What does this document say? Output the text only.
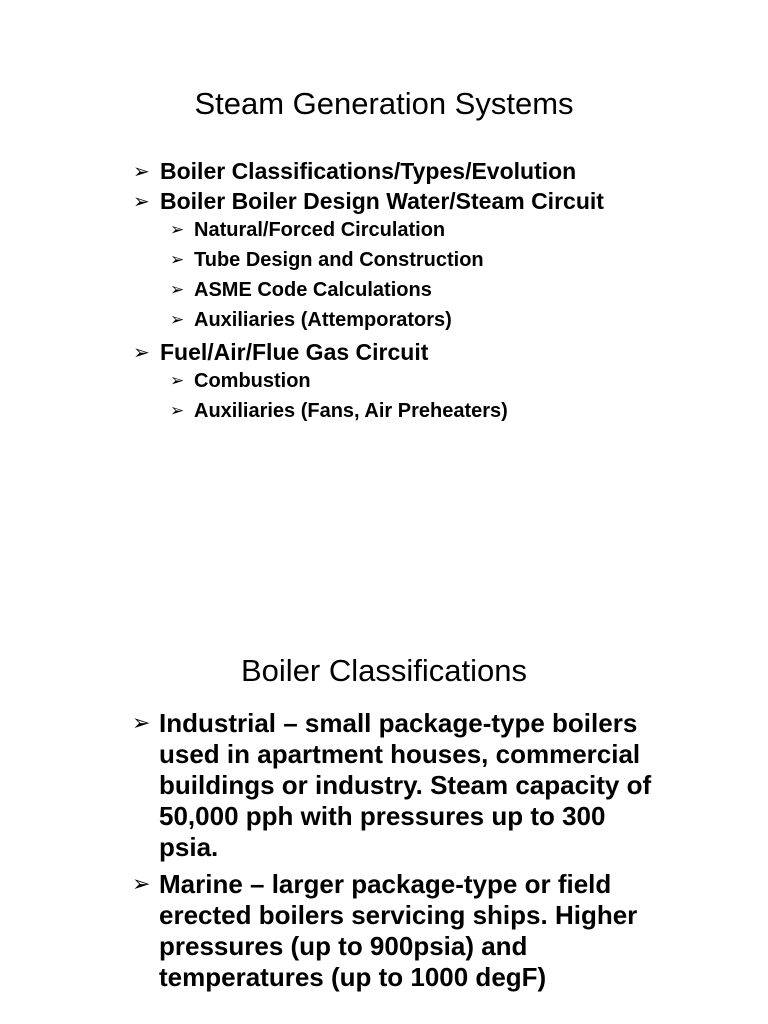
Steam Generation Systems
➢ Boiler Classifications/Types/Evolution
➢ Boiler Boiler Design Water/Steam Circuit
➢ Natural/Forced Circulation
➢ Tube Design and Construction
➢ ASME Code Calculations
➢ Auxiliaries (Attemporators)
➢ Fuel/Air/Flue Gas Circuit
➢ Combustion
➢ Auxiliaries (Fans, Air Preheaters)
Boiler Classifications
➢ Industrial – small package-type boilers used in apartment houses, commercial buildings or industry. Steam capacity of 50,000 pph with pressures up to 300 psia.
➢ Marine – larger package-type or field erected boilers servicing ships. Higher pressures (up to 900psia) and temperatures (up to 1000 degF)
